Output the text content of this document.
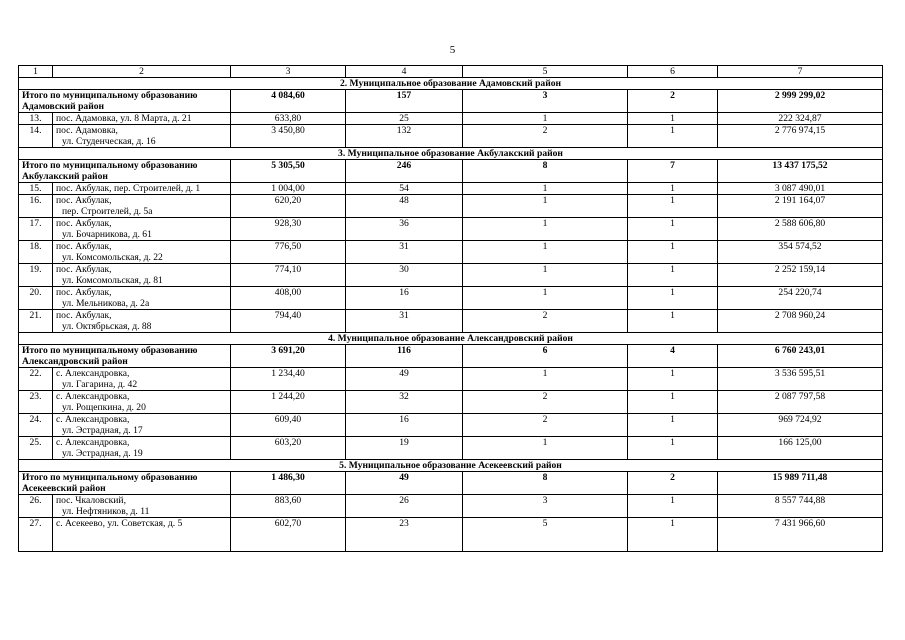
5
1	2	3	4	5	6	7
2. Муниципальное образование Адамовский район						

Итого по муниципальному образованию
Адамовский район		4 084,60	157	3	2	2 999 299,02
13.	пос. Адамовка, ул. 8 Марта, д. 21	633,80	25	1	1	222 324,87
14.	пос. Адамовка,
ул. Студенческая, д. 16	3 450,80	132	2	1	2 776 974,15
3. Муниципальное образование Акбулакский район						

Итого по муниципальному образованию
Акбулакский район		5 305,50	246	8	7	13 437 175,52
15.	пос. Акбулак, пер. Строителей, д. 1	1 004,00	54	1	1	3 087 490,01
16.	пос. Акбулак,
пер. Строителей, д. 5а	620,20	48	1	1	2 191 164,07
17.	пос. Акбулак,
ул. Бочарникова, д. 61	928,30	36	1	1	2 588 606,80
18.	пос. Акбулак,
ул. Комсомольская, д. 22	776,50	31	1	1	354 574,52
19.	пос. Акбулак,
ул. Комсомольская, д. 81	774,10	30	1	1	2 252 159,14
20.	пос. Акбулак,
ул. Мельникова, д. 2а	408,00	16	1	1	254 220,74
21.	пос. Акбулак,
ул. Октябрьская, д. 88	794,40	31	2	1	2 708 960,24
4. Муниципальное образование Александровский район						

Итого по муниципальному образованию
Александровский район		3 691,20	116	6	4	6 760 243,01
22.	с. Александровка,
ул. Гагарина, д. 42	1 234,40	49	1	1	3 536 595,51
23.	с. Александровка,
ул. Рощепкина, д. 20	1 244,20	32	2	1	2 087 797,58
24.	с. Александровка,
ул. Эстрадная, д. 17	609,40	16	2	1	969 724,92
25.	с. Александровка,
ул. Эстрадная, д. 19	603,20	19	1	1	166 125,00
5. Муниципальное образование Асекеевский район						

Итого по муниципальному образованию
Асекеевский район		1 486,30	49	8	2	15 989 711,48
26.	пос. Чкаловский,
ул. Нефтяников, д. 11	883,60	26	3	1	8 557 744,88
27.	с. Асекеево, ул. Советская, д. 5	602,70	23	5	1	7 431 966,60
